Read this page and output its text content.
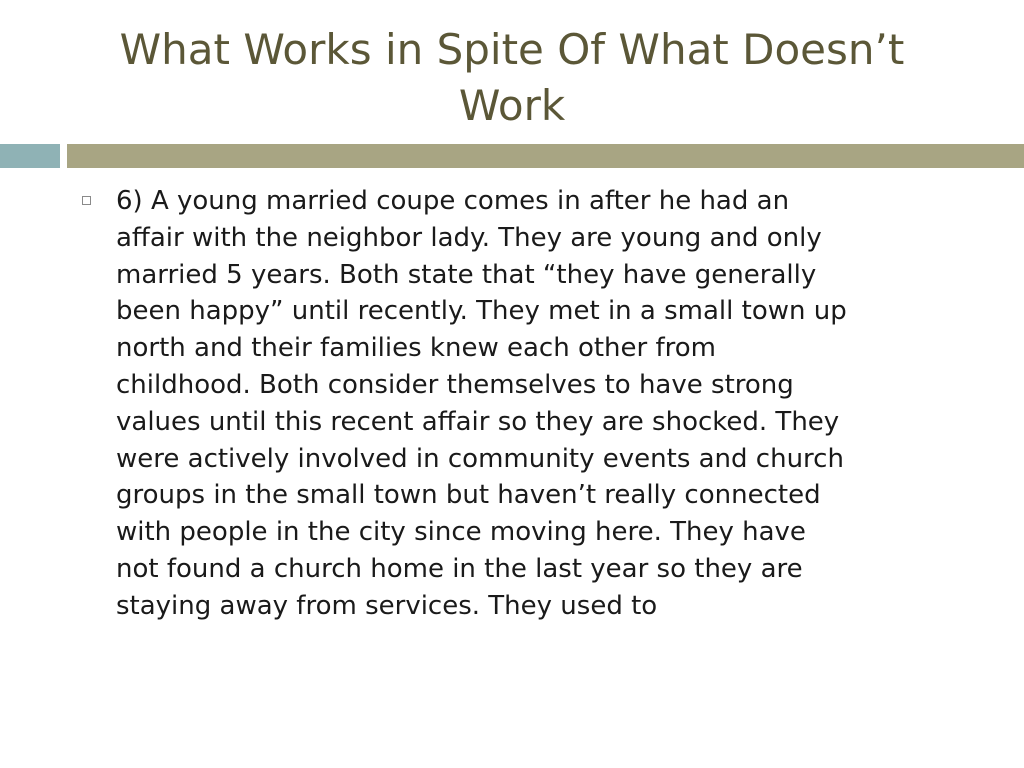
What Works in Spite Of What Doesn’t
Work
6) A young married coupe comes in after he had an
affair with the neighbor lady. They are young and only
married 5 years. Both state that “they have generally
been happy” until recently. They met in a small town up
north and their families knew each other from
childhood. Both consider themselves to have strong
values until this recent affair so they are shocked. They
were actively involved in community events and church
groups in the small town but haven’t really connected
with people in the city since moving here. They have
not found a church home in the last year so they are
staying away from services. They used to
